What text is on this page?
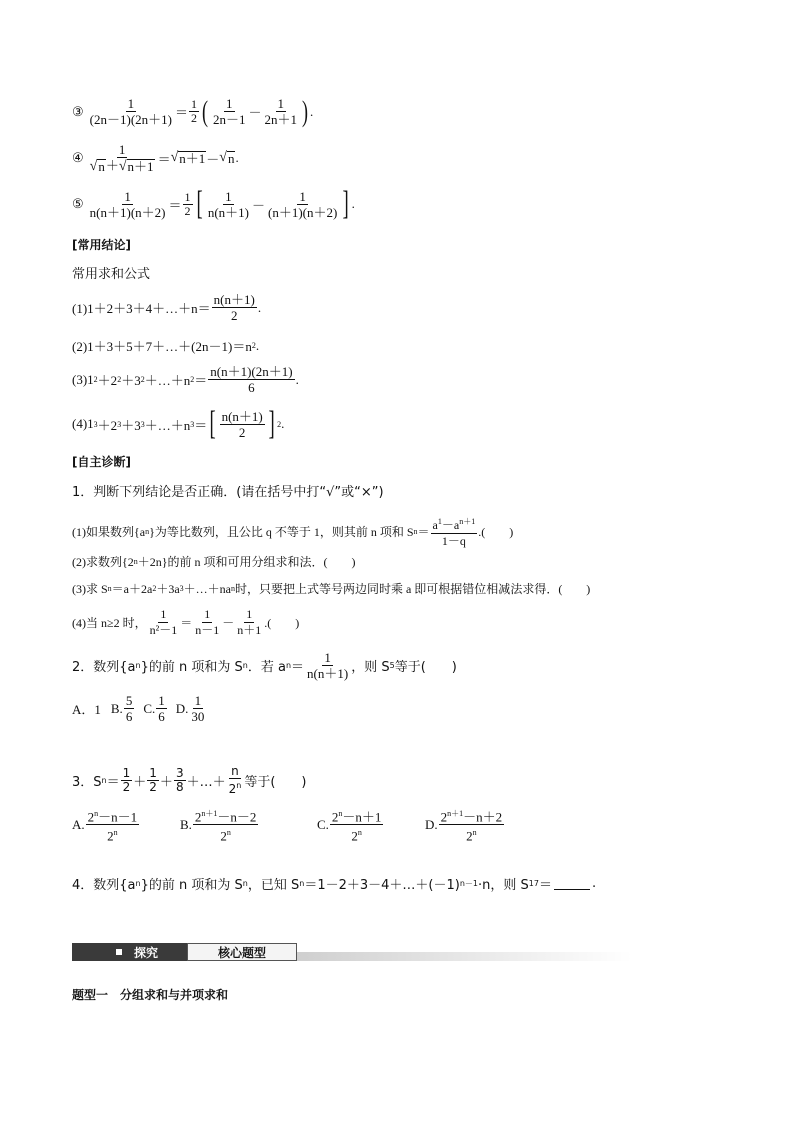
③ $\frac{1}{(2n-1)(2n+1)} = \frac{1}{2}$ ( $\frac{1}{2n-1} - \frac{1}{2n+1}$ ) .
④ $\frac{1}{√ n + √ n+1}$ ＝ √ n＋1 － √ n .
⑤ $\frac{1}{n(n+1)(n+2)} = \frac{1}{2}$ [ $\frac{1}{n(n+1)} - \frac{1}{(n+1)(n+2)}$ ] .
[常用结论]
常用求和公式
(1)1＋2＋3＋4＋…＋n＝ $\frac{n(n+1)}{2}$ .
(2)1＋3＋5＋7＋…＋(2n－1)＝n 2 .
(3)1 2 ＋2 2 ＋3 2 ＋…＋n $2 = \frac{n(n+1)(2n+1)}{6}$ .
(4)1 3 ＋2 3 ＋3 3 ＋…＋n 3 ＝ [ $\frac{n(n+1)}{2}$ ] 2 .
[自主诊断]
1．判断下列结论是否正确．(请在括号中打“√”或“×”)
(1)如果数列{a n }为等比数列，且公比 q 不等于 1，则其前 n 项和 S $n = \frac{a^1-a^{n+1}}{1-q}$ .(　　)
(2)求数列{2 n ＋2n}的前 n 项和可用分组求和法．(　　)
(3)求 S n ＝a＋2a 2 ＋3a 3 ＋…＋na n 时，只要把上式等号两边同时乘 a 即可根据错位相减法求得．(　　)
(4)当 n≥2 时， $\frac{1}{\text{n²－1}} = \frac{1}{n-1} - \frac{1}{n+1}$ .(　　)
2．数列{a n }的前 n 项和为 S n ．若 a $n = \frac{1}{n(n+1)}$ ，则 S 5 等于(　　)
A．1 B. $\frac{5}{6} C$. $\frac{1}{6} D$. $\frac{1}{30}$
3．S $n = \frac{1}{2} + \frac{1}{2} + \frac{3}{8}$ ＋…＋ $\frac{n}{2^n}$ 等于(　　)
A. $\frac{2^n-n-1}{2^n}$	B. $\frac{2^{n+1}-n-2}{2^n}$	C. $\frac{2^n-n+1}{2^n}$	D. $\frac{2^{n+1}-n+2}{2^n}$
4．数列{a n }的前 n 项和为 S n ，已知 S n ＝1－2＋3－4＋…＋(－1) n－1 ·n，则 S 17 ＝	.
探究	核心题型
题型一　分组求和与并项求和
